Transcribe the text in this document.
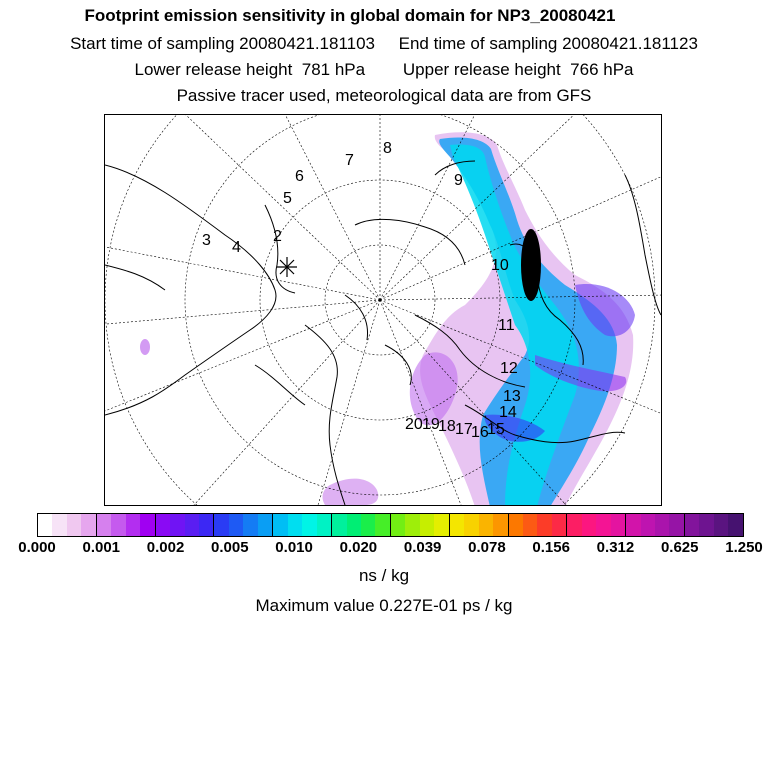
Footprint emission sensitivity in global domain for NP3_20080421
Start time of sampling 20080421.181103     End time of sampling 20080421.181123
Lower release height  781 hPa        Upper release height  766 hPa
Passive tracer used, meteorological data are from GFS
2
3 4
5
6
7
8
9
10
11
12
13
14
15
16
17
18
19
20
0.000 0.001 0.002 0.005 0.010 0.020 0.039 0.078 0.156 0.312 0.625 1.250
ns / kg
Maximum value 0.227E-01 ps / kg
